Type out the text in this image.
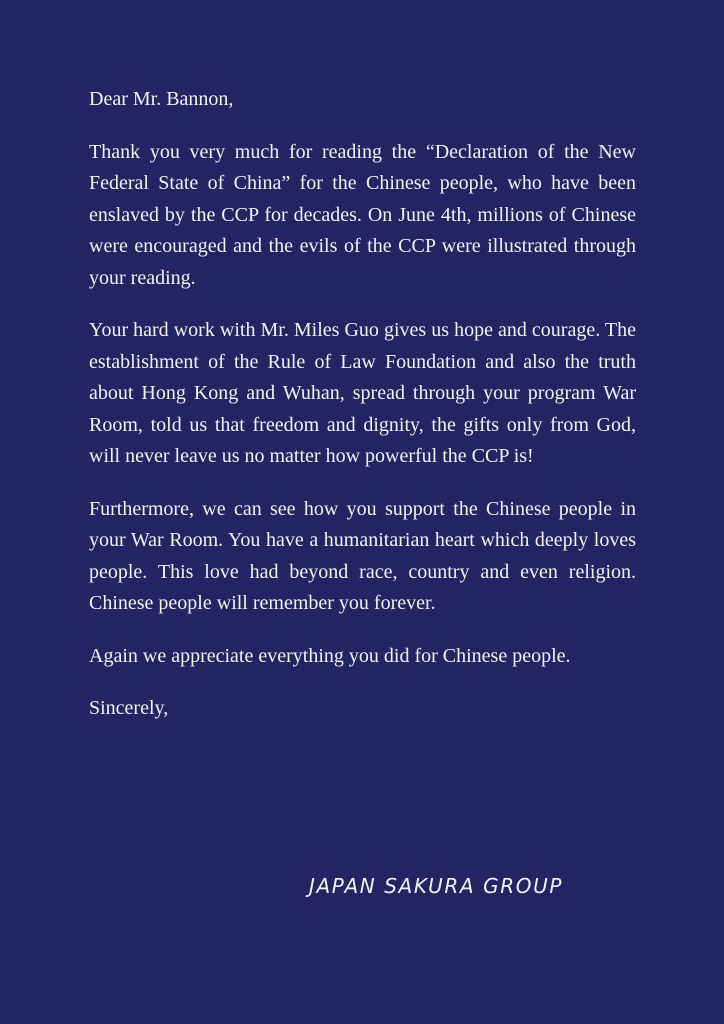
Dear Mr. Bannon,

Thank you very much for reading the “Declaration of the New Federal State of China” for the Chinese people, who have been enslaved by the CCP for decades. On June 4th, millions of Chinese were encouraged and the evils of the CCP were illustrated through your reading.

Your hard work with Mr. Miles Guo gives us hope and courage. The establishment of the Rule of Law Foundation and also the truth about Hong Kong and Wuhan, spread through your program War Room, told us that freedom and dignity, the gifts only from God, will never leave us no matter how powerful the CCP is!

Furthermore, we can see how you support the Chinese people in your War Room. You have a humanitarian heart which deeply loves people. This love had beyond race, country and even religion. Chinese people will remember you forever.

Again we appreciate everything you did for Chinese people.

Sincerely,

JAPAN SAKURA GROUP
